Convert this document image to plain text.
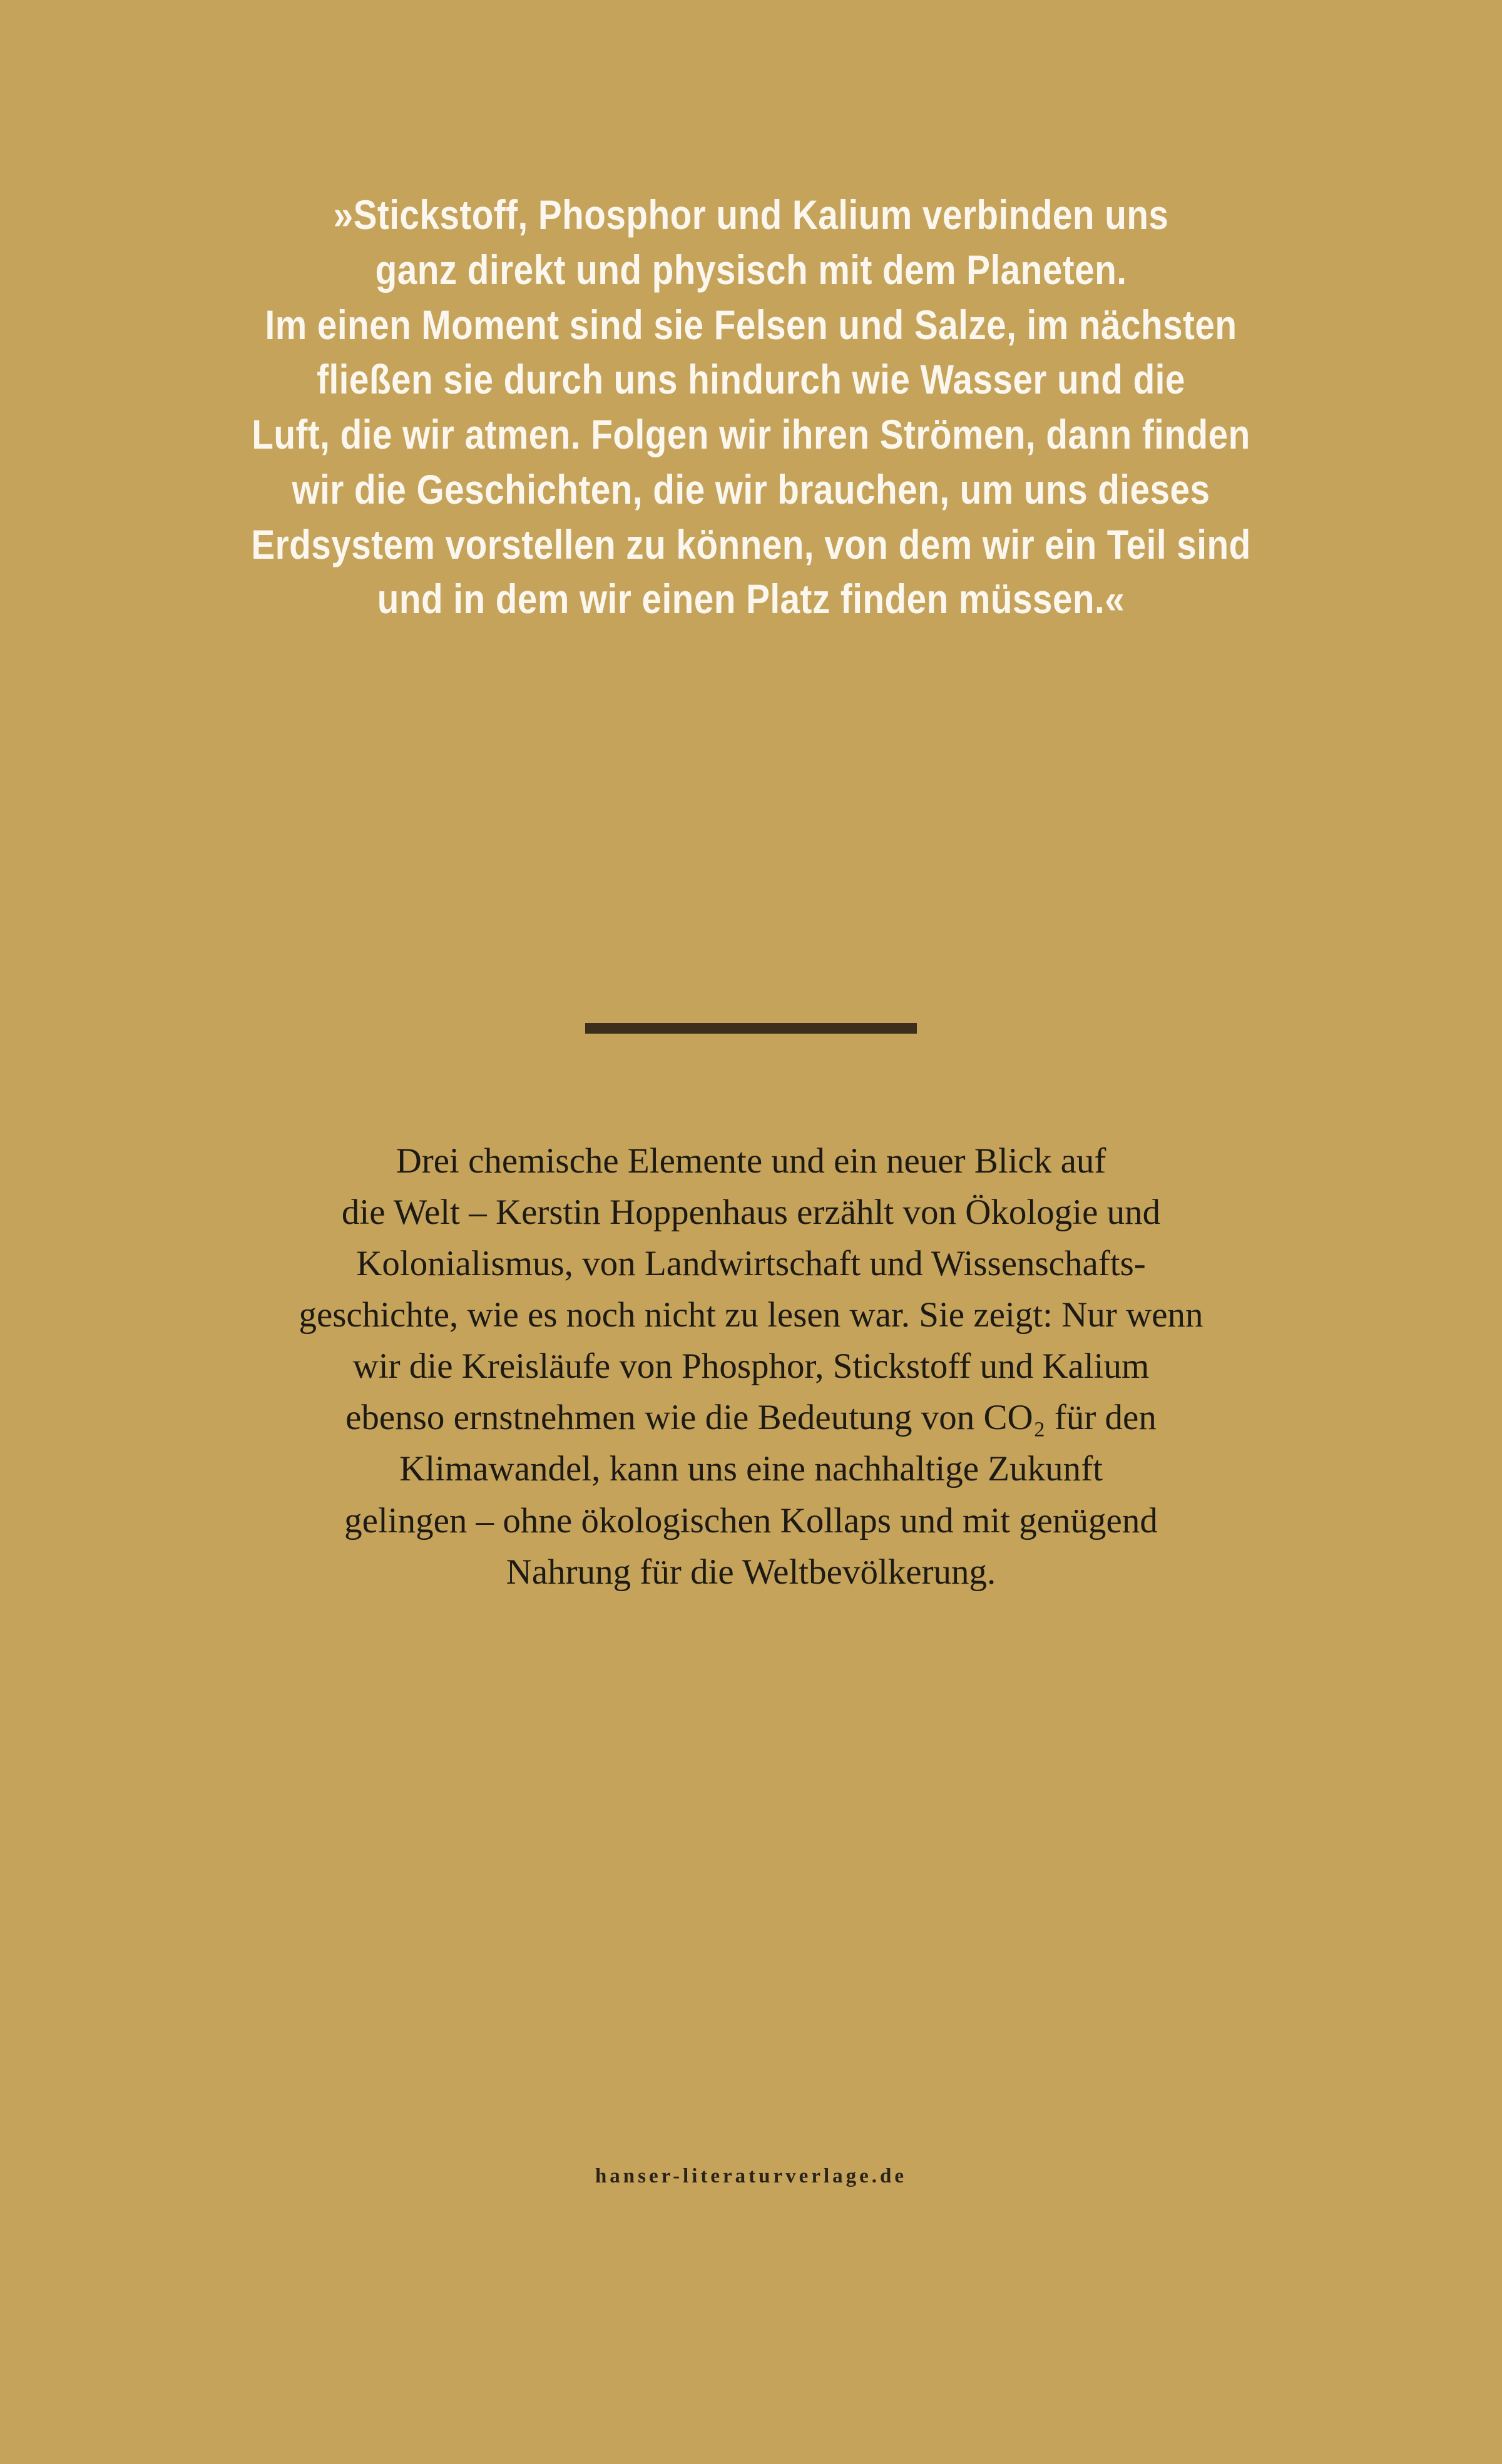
»Stickstoff, Phosphor und Kalium verbinden uns
ganz direkt und physisch mit dem Planeten.
Im einen Moment sind sie Felsen und Salze, im nächsten
fließen sie durch uns hindurch wie Wasser und die
Luft, die wir atmen. Folgen wir ihren Strömen, dann finden
wir die Geschichten, die wir brauchen, um uns dieses
Erdsystem vorstellen zu können, von dem wir ein Teil sind
und in dem wir einen Platz finden müssen.«
Drei chemische Elemente und ein neuer Blick auf
die Welt – Kerstin Hoppenhaus erzählt von Ökologie und
Kolonialismus, von Landwirtschaft und Wissenschafts-
geschichte, wie es noch nicht zu lesen war. Sie zeigt: Nur wenn
wir die Kreisläufe von Phosphor, Stickstoff und Kalium
ebenso ernstnehmen wie die Bedeutung von CO₂ für den
Klimawandel, kann uns eine nachhaltige Zukunft
gelingen – ohne ökologischen Kollaps und mit genügend
Nahrung für die Weltbevölkerung.
hanser-literaturverlage.de
